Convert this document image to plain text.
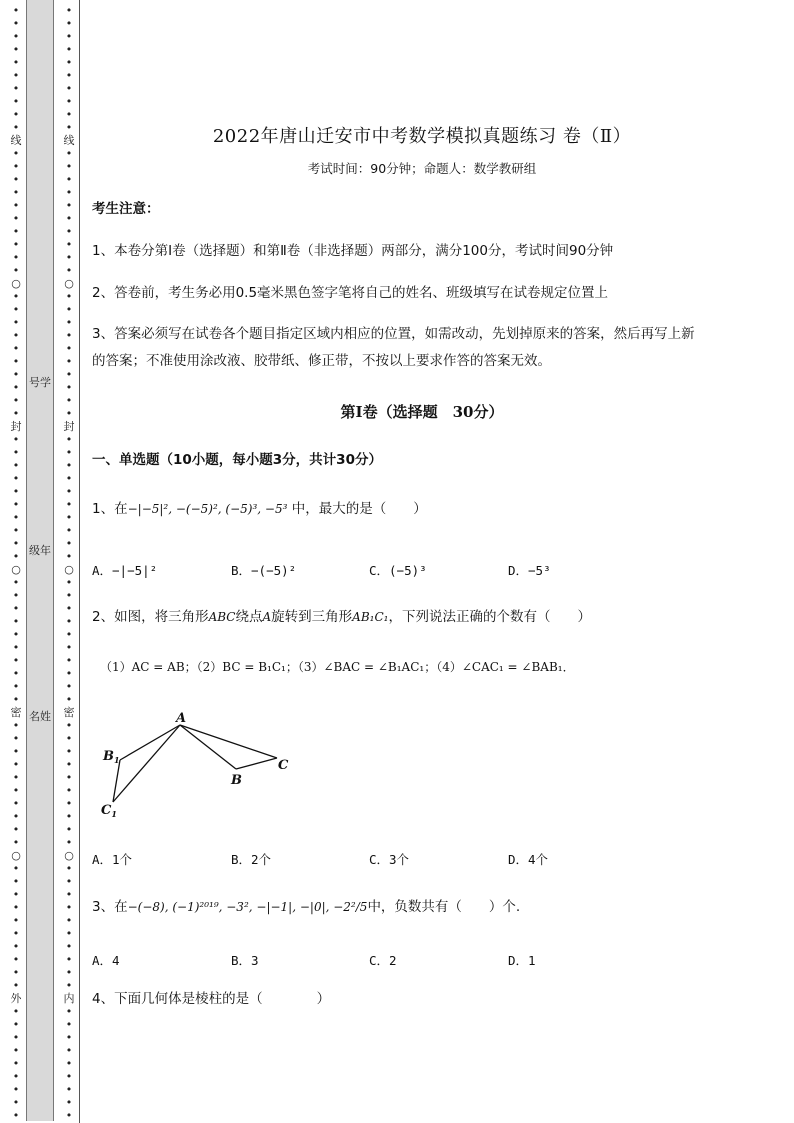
•
•
•
•
•
•
•
•
•
•
线
•
•
•
•
•
•
•
•
•
•
○
•
•
•
•
•
•
•
•
•
•
封
•
•
•
•
•
•
•
•
•
•
○
•
•
•
•
•
•
•
•
•
•
密
•
•
•
•
•
•
•
•
•
•
○
•
•
•
•
•
•
•
•
•
•
外
•
•
•
•
•
•
•
•
•
•
•
•
•
•
•
•
•
•
•
线
•
•
•
•
•
•
•
•
•
•
○
•
•
•
•
•
•
•
•
•
•
封
•
•
•
•
•
•
•
•
•
•
○
•
•
•
•
•
•
•
•
•
•
密
•
•
•
•
•
•
•
•
•
•
○
•
•
•
•
•
•
•
•
•
•
内
•
•
•
•
•
•
•
•
•
号学
级年
名姓
2022年唐山迁安市中考数学模拟真题练习 卷（Ⅱ）
考试时间：90分钟；命题人：数学教研组
考生注意：
1、本卷分第I卷（选择题）和第Ⅱ卷（非选择题）两部分，满分100分，考试时间90分钟
2、答卷前，考生务必用0.5毫米黑色签字笔将自己的姓名、班级填写在试卷规定位置上
3、答案必须写在试卷各个题目指定区域内相应的位置，如需改动，先划掉原来的答案，然后再写上新
的答案；不准使用涂改液、胶带纸、修正带，不按以上要求作答的答案无效。
第Ⅰ卷（选择题　30分）
一、单选题（10小题，每小题3分，共计30分）
1、在−|−5|², −(−5)², (−5)³, −5³ 中，最大的是（　　）
A．−|−5|²	B．−(−5)²	C．(−5)³	D．−5³
2、如图，将三角形ABC绕点A旋转到三角形AB₁C₁，下列说法正确的个数有（　　）
（1）AC = AB；（2）BC = B₁C₁；（3）∠BAC = ∠B₁AC₁；（4）∠CAC₁ = ∠BAB₁．
A
$B_1$
$C_1$
B
C
A．1个	B．2个	C．3个	D．4个
3、在−(−8), (−1)²⁰¹⁹, −3², −|−1|, −|0|, −2²/5中，负数共有（　　）个.
A．4	B．3	C．2	D．1
4、下面几何体是棱柱的是（　　　　）
